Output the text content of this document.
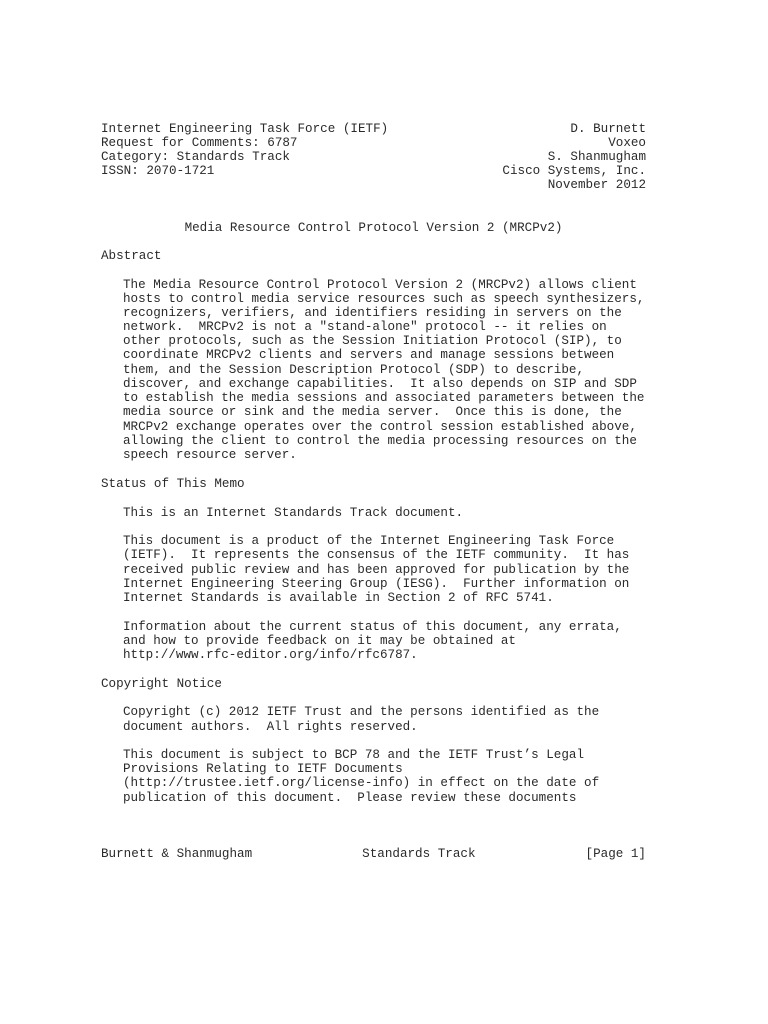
Internet Engineering Task Force (IETF)	D. Burnett
Request for Comments: 6787	Voxeo
Category: Standards Track	S. Shanmugham
ISSN: 2070-1721	Cisco Systems, Inc.
November 2012
Media Resource Control Protocol Version 2 (MRCPv2)
Abstract
The Media Resource Control Protocol Version 2 (MRCPv2) allows client
hosts to control media service resources such as speech synthesizers,
recognizers, verifiers, and identifiers residing in servers on the
network.  MRCPv2 is not a "stand-alone" protocol -- it relies on
other protocols, such as the Session Initiation Protocol (SIP), to
coordinate MRCPv2 clients and servers and manage sessions between
them, and the Session Description Protocol (SDP) to describe,
discover, and exchange capabilities.  It also depends on SIP and SDP
to establish the media sessions and associated parameters between the
media source or sink and the media server.  Once this is done, the
MRCPv2 exchange operates over the control session established above,
allowing the client to control the media processing resources on the
speech resource server.
Status of This Memo
This is an Internet Standards Track document.
This document is a product of the Internet Engineering Task Force
(IETF).  It represents the consensus of the IETF community.  It has
received public review and has been approved for publication by the
Internet Engineering Steering Group (IESG).  Further information on
Internet Standards is available in Section 2 of RFC 5741.
Information about the current status of this document, any errata,
and how to provide feedback on it may be obtained at
http://www.rfc-editor.org/info/rfc6787.
Copyright Notice
Copyright (c) 2012 IETF Trust and the persons identified as the
document authors.  All rights reserved.
This document is subject to BCP 78 and the IETF Trust’s Legal
Provisions Relating to IETF Documents
(http://trustee.ietf.org/license-info) in effect on the date of
publication of this document.  Please review these documents
Burnett & Shanmugham	Standards Track	[Page 1]
